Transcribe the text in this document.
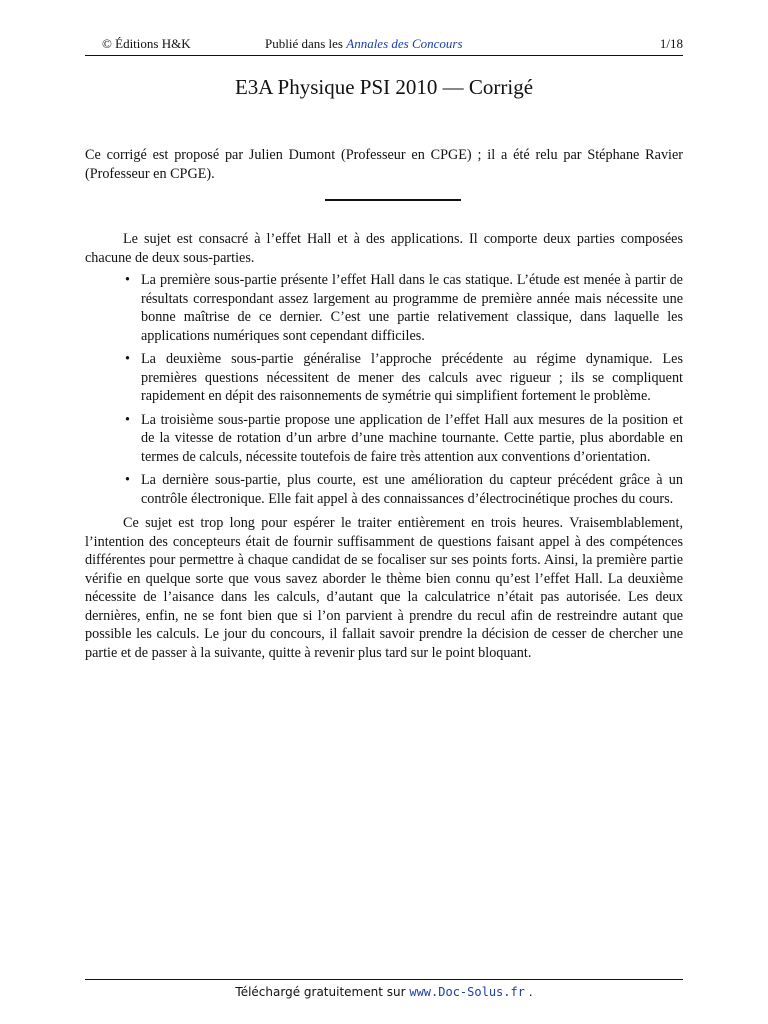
© Éditions H&K	Publié dans les Annales des Concours	1/18
E3A Physique PSI 2010 — Corrigé
Ce corrigé est proposé par Julien Dumont (Professeur en CPGE) ; il a été relu par Stéphane Ravier (Professeur en CPGE).

Le sujet est consacré à l’effet Hall et à des applications. Il comporte deux parties composées chacune de deux sous-parties.

• La première sous-partie présente l’effet Hall dans le cas statique. L’étude est menée à partir de résultats correspondant assez largement au programme de première année mais nécessite une bonne maîtrise de ce dernier. C’est une partie relativement classique, dans laquelle les applications numériques sont cependant difficiles.
• La deuxième sous-partie généralise l’approche précédente au régime dynamique. Les premières questions nécessitent de mener des calculs avec rigueur ; ils se compliquent rapidement en dépit des raisonnements de symétrie qui simplifient fortement le problème.
• La troisième sous-partie propose une application de l’effet Hall aux mesures de la position et de la vitesse de rotation d’un arbre d’une machine tournante. Cette partie, plus abordable en termes de calculs, nécessite toutefois de faire très attention aux conventions d’orientation.
• La dernière sous-partie, plus courte, est une amélioration du capteur précédent grâce à un contrôle électronique. Elle fait appel à des connaissances d’électrocinétique proches du cours.

Ce sujet est trop long pour espérer le traiter entièrement en trois heures. Vraisemblablement, l’intention des concepteurs était de fournir suffisamment de questions faisant appel à des compétences différentes pour permettre à chaque candidat de se focaliser sur ses points forts. Ainsi, la première partie vérifie en quelque sorte que vous savez aborder le thème bien connu qu’est l’effet Hall. La deuxième nécessite de l’aisance dans les calculs, d’autant que la calculatrice n’était pas autorisée. Les deux dernières, enfin, ne se font bien que si l’on parvient à prendre du recul afin de restreindre autant que possible les calculs. Le jour du concours, il fallait savoir prendre la décision de cesser de chercher une partie et de passer à la suivante, quitte à revenir plus tard sur le point bloquant.

Téléchargé gratuitement sur www.Doc-Solus.fr .
